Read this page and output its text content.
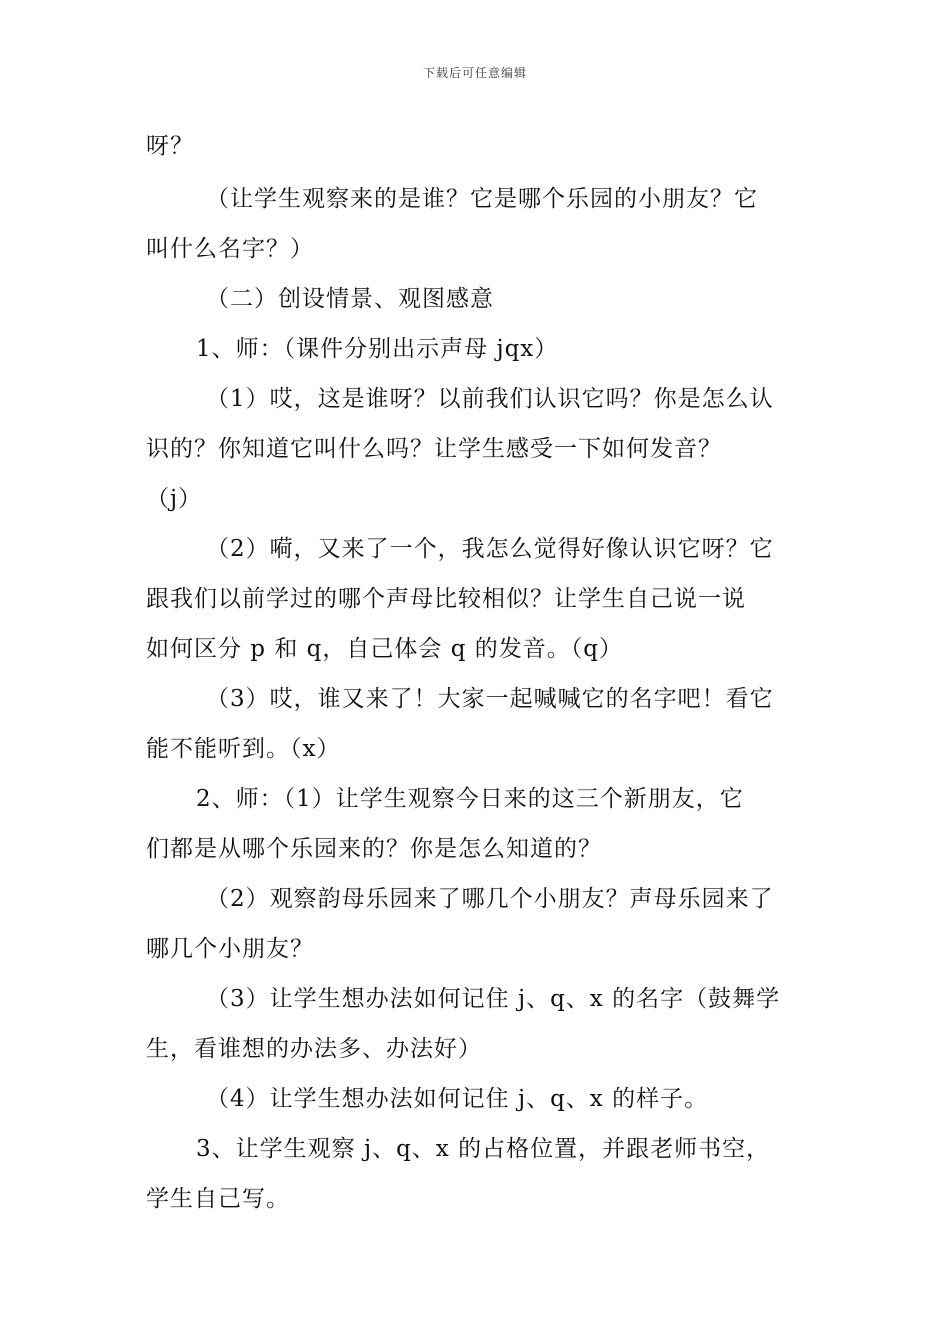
下载后可任意编辑
呀？
（让学生观察来的是谁？它是哪个乐园的小朋友？它
叫什么名字？）
（二）创设情景、观图感意
1、师：（课件分别出示声母 jqx）
（1）哎，这是谁呀？以前我们认识它吗？你是怎么认
识的？你知道它叫什么吗？让学生感受一下如何发音？
（j）
（2）嗬，又来了一个，我怎么觉得好像认识它呀？它
跟我们以前学过的哪个声母比较相似？让学生自己说一说
如何区分 p 和 q，自己体会 q 的发音。（q）
（3）哎，谁又来了！大家一起喊喊它的名字吧！看它
能不能听到。（x）
2、师：（1）让学生观察今日来的这三个新朋友，它
们都是从哪个乐园来的？你是怎么知道的？
（2）观察韵母乐园来了哪几个小朋友？声母乐园来了
哪几个小朋友？
（3）让学生想办法如何记住 j、q、x 的名字（鼓舞学
生，看谁想的办法多、办法好）
（4）让学生想办法如何记住 j、q、x 的样子。
3、让学生观察 j、q、x 的占格位置，并跟老师书空，
学生自己写。
